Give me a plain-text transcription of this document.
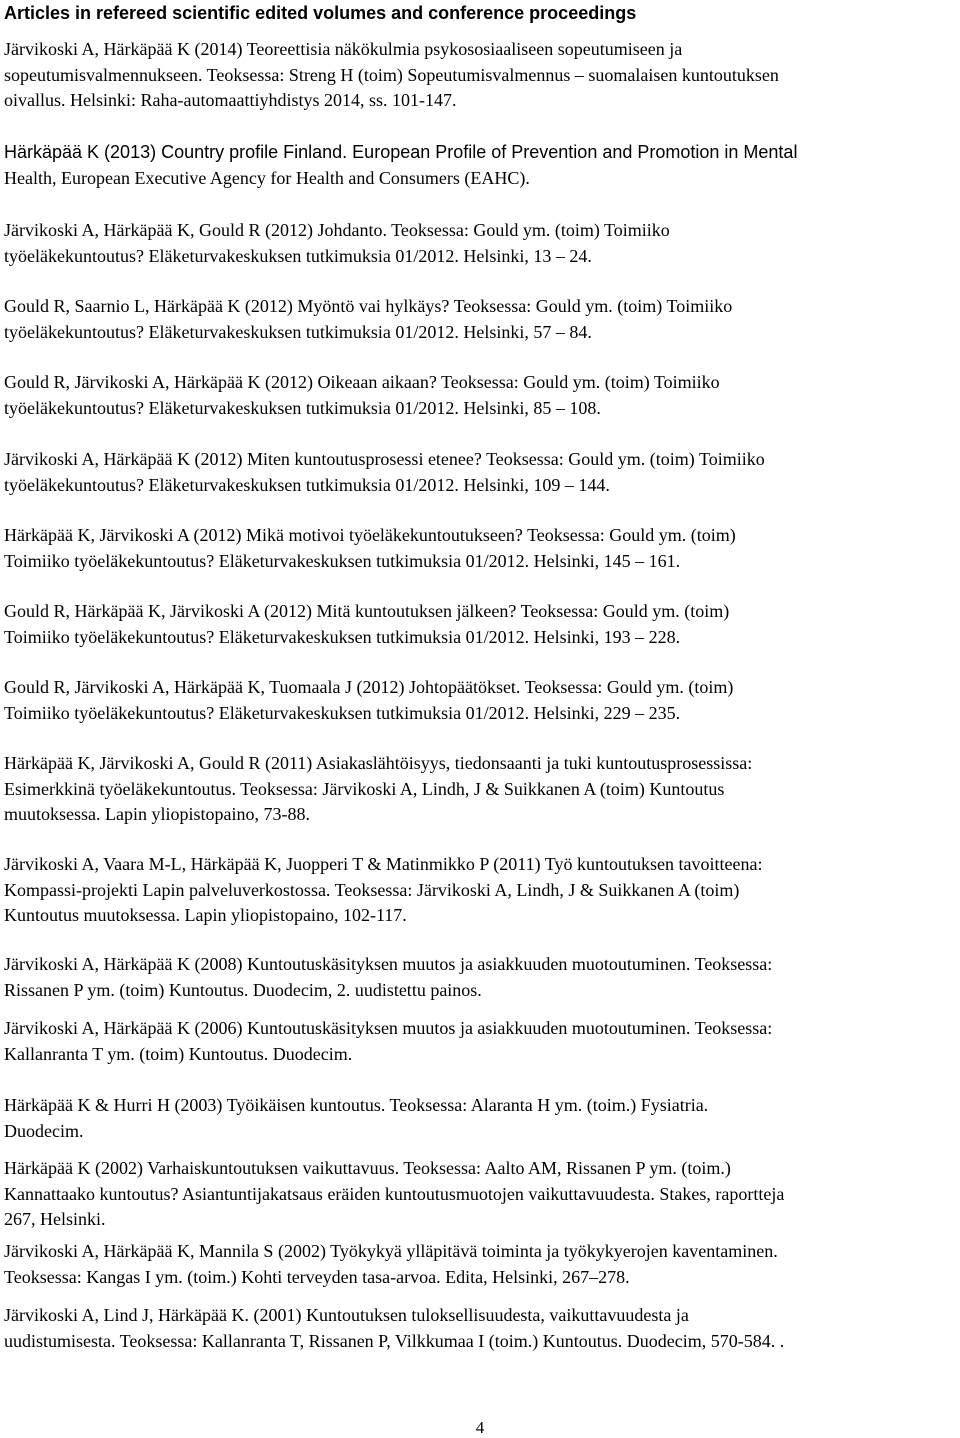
Articles in refereed scientific edited volumes and conference proceedings

Järvikoski A, Härkäpää K (2014) Teoreettisia näkökulmia psykososiaaliseen sopeutumiseen ja
sopeutumisvalmennukseen. Teoksessa: Streng H (toim) Sopeutumisvalmennus – suomalaisen kuntoutuksen
oivallus. Helsinki: Raha-automaattiyhdistys 2014, ss. 101-147.

Härkäpää K (2013) Country profile Finland. European Profile of Prevention and Promotion in Mental
Health, European Executive Agency for Health and Consumers (EAHC).

Järvikoski A, Härkäpää K, Gould R (2012) Johdanto. Teoksessa: Gould ym. (toim) Toimiiko
työeläkekuntoutus? Eläketurvakeskuksen tutkimuksia 01/2012. Helsinki, 13 – 24.

Gould R, Saarnio L, Härkäpää K (2012) Myöntö vai hylkäys? Teoksessa: Gould ym. (toim) Toimiiko
työeläkekuntoutus? Eläketurvakeskuksen tutkimuksia 01/2012. Helsinki, 57 – 84.

Gould R, Järvikoski A, Härkäpää K (2012) Oikeaan aikaan? Teoksessa: Gould ym. (toim) Toimiiko
työeläkekuntoutus? Eläketurvakeskuksen tutkimuksia 01/2012. Helsinki, 85 – 108.

Järvikoski A, Härkäpää K (2012) Miten kuntoutusprosessi etenee? Teoksessa: Gould ym. (toim) Toimiiko
työeläkekuntoutus? Eläketurvakeskuksen tutkimuksia 01/2012. Helsinki, 109 – 144.

Härkäpää K, Järvikoski A (2012) Mikä motivoi työeläkekuntoutukseen? Teoksessa: Gould ym. (toim)
Toimiiko työeläkekuntoutus? Eläketurvakeskuksen tutkimuksia 01/2012. Helsinki, 145 – 161.

Gould R, Härkäpää K, Järvikoski A (2012) Mitä kuntoutuksen jälkeen? Teoksessa: Gould ym. (toim)
Toimiiko työeläkekuntoutus? Eläketurvakeskuksen tutkimuksia 01/2012. Helsinki, 193 – 228.

Gould R, Järvikoski A, Härkäpää K, Tuomaala J (2012) Johtopäätökset. Teoksessa: Gould ym. (toim)
Toimiiko työeläkekuntoutus? Eläketurvakeskuksen tutkimuksia 01/2012. Helsinki, 229 – 235.

Härkäpää K, Järvikoski A, Gould R (2011) Asiakaslähtöisyys, tiedonsaanti ja tuki kuntoutusprosessissa:
Esimerkkinä työeläkekuntoutus. Teoksessa: Järvikoski A, Lindh, J & Suikkanen A (toim) Kuntoutus
muutoksessa. Lapin yliopistopaino, 73-88.

Järvikoski A, Vaara M-L, Härkäpää K, Juopperi T & Matinmikko P (2011) Työ kuntoutuksen tavoitteena:
Kompassi-projekti Lapin palveluverkostossa. Teoksessa: Järvikoski A, Lindh, J & Suikkanen A (toim)
Kuntoutus muutoksessa. Lapin yliopistopaino, 102-117.

Järvikoski A, Härkäpää K (2008) Kuntoutuskäsityksen muutos ja asiakkuuden muotoutuminen. Teoksessa:
Rissanen P ym. (toim) Kuntoutus. Duodecim, 2. uudistettu painos.

Järvikoski A, Härkäpää K (2006) Kuntoutuskäsityksen muutos ja asiakkuuden muotoutuminen. Teoksessa:
Kallanranta T ym. (toim) Kuntoutus. Duodecim.

Härkäpää K & Hurri H (2003) Työikäisen kuntoutus. Teoksessa: Alaranta H ym. (toim.) Fysiatria.
Duodecim.

Härkäpää K (2002) Varhaiskuntoutuksen vaikuttavuus. Teoksessa: Aalto AM, Rissanen P ym. (toim.)
Kannattaako kuntoutus? Asiantuntijakatsaus eräiden kuntoutusmuotojen vaikuttavuudesta. Stakes, raportteja
267, Helsinki.

Järvikoski A, Härkäpää K, Mannila S (2002) Työkykyä ylläpitävä toiminta ja työkykyerojen kaventaminen.
Teoksessa: Kangas I ym. (toim.) Kohti terveyden tasa-arvoa. Edita, Helsinki, 267–278.

Järvikoski A, Lind J, Härkäpää K. (2001) Kuntoutuksen tuloksellisuudesta, vaikuttavuudesta ja
uudistumisesta. Teoksessa: Kallanranta T, Rissanen P, Vilkkumaa I (toim.) Kuntoutus. Duodecim, 570-584. .

4
